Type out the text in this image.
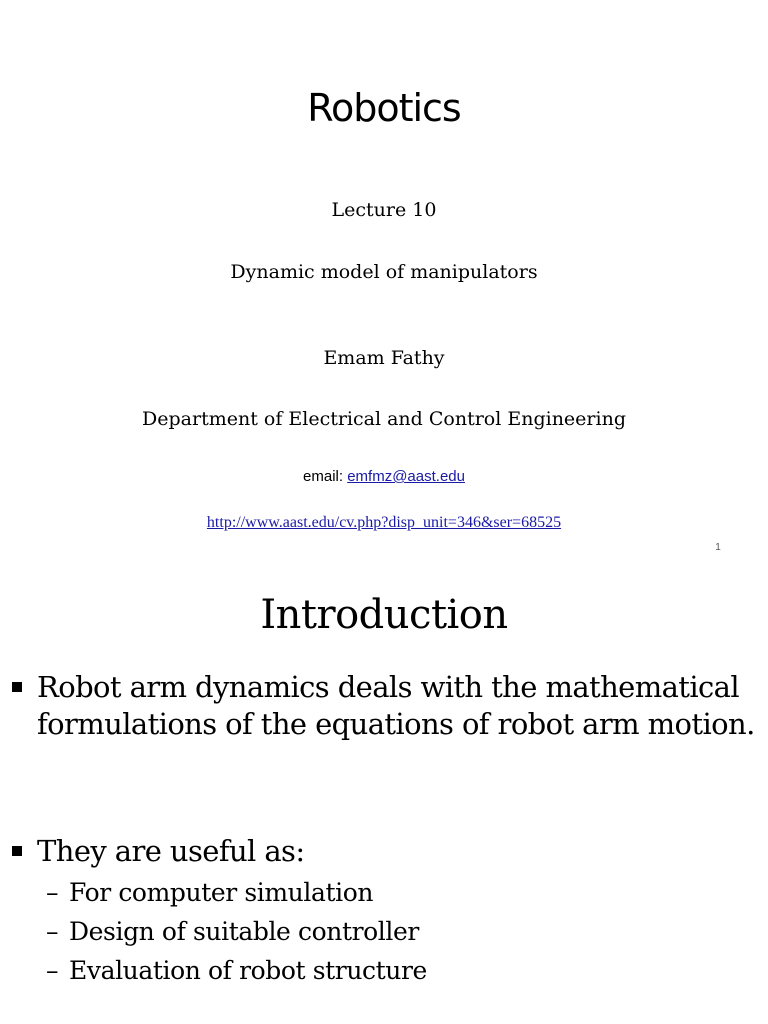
Robotics
Lecture 10
Dynamic model of manipulators
Emam Fathy
Department of Electrical and Control Engineering
email: emfmz@aast.edu
http://www.aast.edu/cv.php?disp_unit=346&ser=68525
1
Introduction
Robot arm dynamics deals with the mathematical formulations of the equations of robot arm motion.
They are useful as:
– For computer simulation
– Design of suitable controller
– Evaluation of robot structure
